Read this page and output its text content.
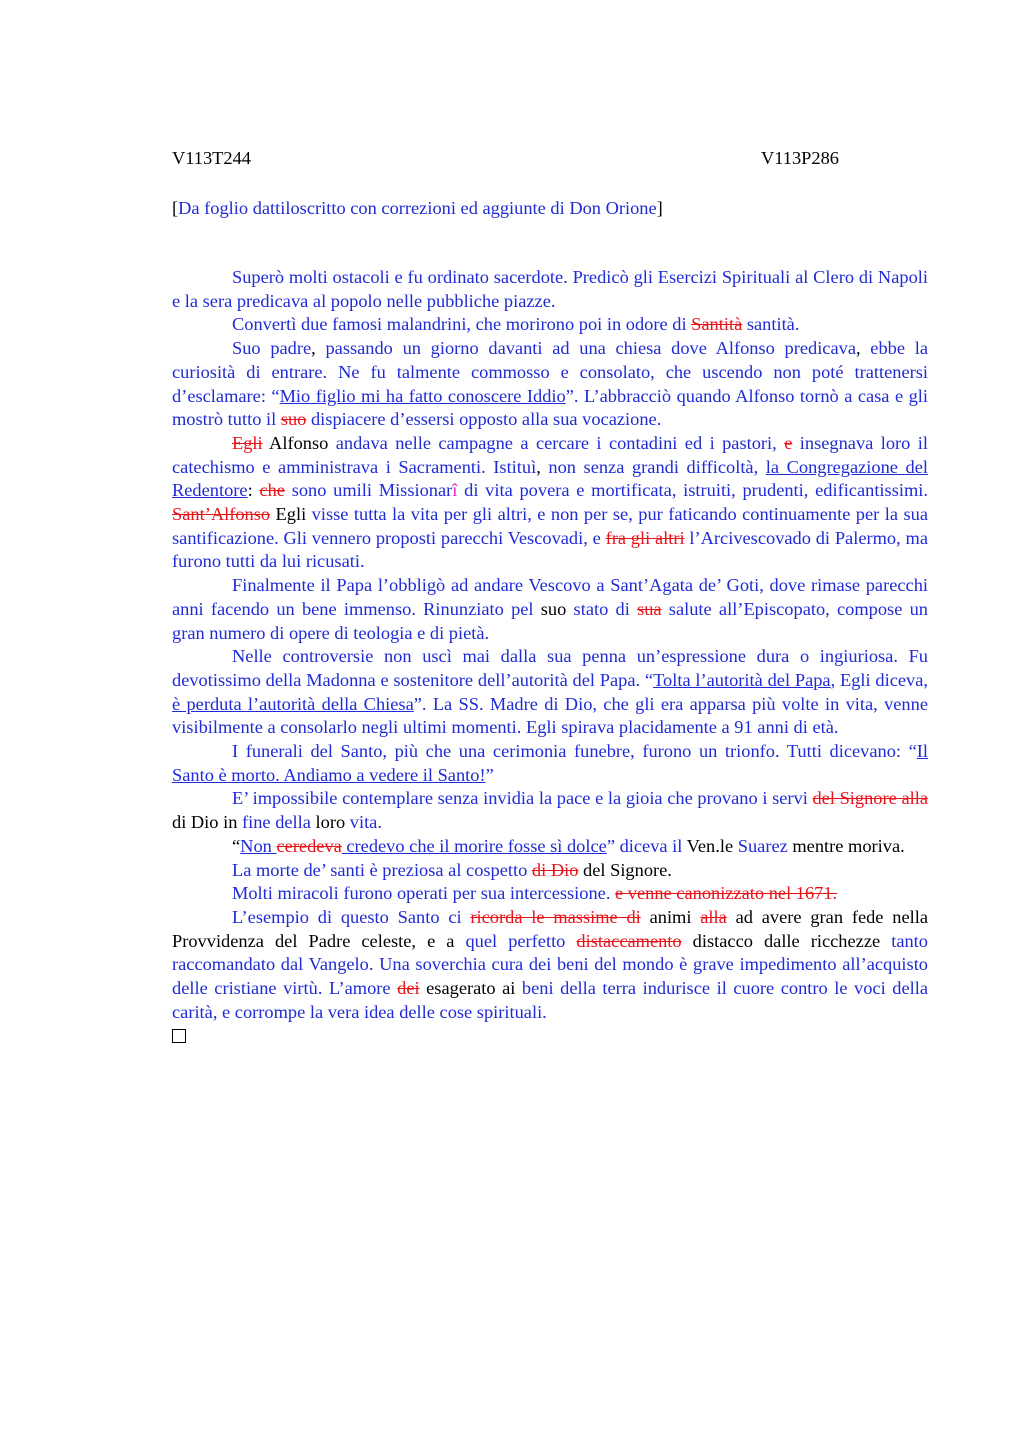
V113T244	V113P286
[Da foglio dattiloscritto con correzioni ed aggiunte di Don Orione]

Superò molti ostacoli e fu ordinato sacerdote. Predicò gli Esercizi Spirituali al Clero di Napoli e la sera predicava al popolo nelle pubbliche piazze.

Convertì due famosi malandrini, che morirono poi in odore di Santità santità.

Suo padre, passando un giorno davanti ad una chiesa dove Alfonso predicava, ebbe la curiosità di entrare. Ne fu talmente commosso e consolato, che uscendo non poté trattenersi d’esclamare: “Mio figlio mi ha fatto conoscere Iddio”. L’abbracciò quando Alfonso tornò a casa e gli mostrò tutto il suo dispiacere d’essersi opposto alla sua vocazione.

Egli Alfonso andava nelle campagne a cercare i contadini ed i pastori, e insegnava loro il catechismo e amministrava i Sacramenti. Istituì, non senza grandi difficoltà, la Congregazione del Redentore: che sono umili Missionarî di vita povera e mortificata, istruiti, prudenti, edificantissimi. Sant’Alfonso Egli visse tutta la vita per gli altri, e non per se, pur faticando continuamente per la sua santificazione. Gli vennero proposti parecchi Vescovadi, e fra gli altri l’Arcivescovado di Palermo, ma furono tutti da lui ricusati.

Finalmente il Papa l’obbligò ad andare Vescovo a Sant’Agata de’ Goti, dove rimase parecchi anni facendo un bene immenso. Rinunziato pel suo stato di sua salute all’Episcopato, compose un gran numero di opere di teologia e di pietà.

Nelle controversie non uscì mai dalla sua penna un’espressione dura o ingiuriosa. Fu devotissimo della Madonna e sostenitore dell’autorità del Papa. “Tolta l’autorità del Papa, Egli diceva, è perduta l’autorità della Chiesa”. La SS. Madre di Dio, che gli era apparsa più volte in vita, venne visibilmente a consolarlo negli ultimi momenti. Egli spirava placidamente a 91 anni di età.

I funerali del Santo, più che una cerimonia funebre, furono un trionfo. Tutti dicevano: “Il Santo è morto. Andiamo a vedere il Santo!”

E’ impossibile contemplare senza invidia la pace e la gioia che provano i servi del Signore alla di Dio in fine della loro vita.

“Non ceredeva credevo che il morire fosse sì dolce” diceva il Ven.le Suarez mentre moriva.

La morte de’ santi è preziosa al cospetto di Dio del Signore.

Molti miracoli furono operati per sua intercessione. e venne canonizzato nel 1671.

L’esempio di questo Santo ci ricorda le massime di animi alla ad avere gran fede nella Provvidenza del Padre celeste, e a quel perfetto distaccamento distacco dalle ricchezze tanto raccomandato dal Vangelo. Una soverchia cura dei beni del mondo è grave impedimento all’acquisto delle cristiane virtù. L’amore dei esagerato ai beni della terra indurisce il cuore contro le voci della carità, e corrompe la vera idea delle cose spirituali.
